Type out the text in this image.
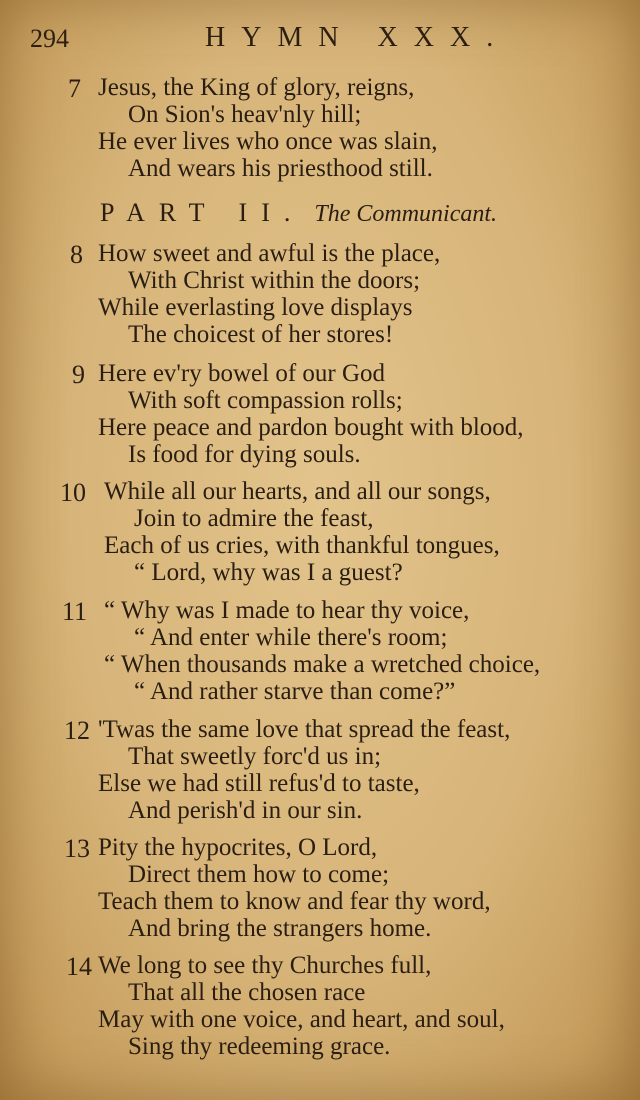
294	HYMN XXX.
PART II. The Communicant.
7 Jesus, the King of glory, reigns,
On Sion's heav'nly hill;
He ever lives who once was slain,
And wears his priesthood still.
8 How sweet and awful is the place,
With Christ within the doors;
While everlasting love displays
The choicest of her stores!
9 Here ev'ry bowel of our God
With soft compassion rolls;
Here peace and pardon bought with blood,
Is food for dying souls.
10 While all our hearts, and all our songs,
Join to admire the feast,
Each of us cries, with thankful tongues,
“ Lord, why was I a guest?
11 “ Why was I made to hear thy voice,
“ And enter while there's room;
“ When thousands make a wretched choice,
“ And rather starve than come?”
12 'Twas the same love that spread the feast,
That sweetly forc'd us in;
Else we had still refus'd to taste,
And perish'd in our sin.
13 Pity the hypocrites, O Lord,
Direct them how to come;
Teach them to know and fear thy word,
And bring the strangers home.
14 We long to see thy Churches full,
That all the chosen race
May with one voice, and heart, and soul,
Sing thy redeeming grace.
